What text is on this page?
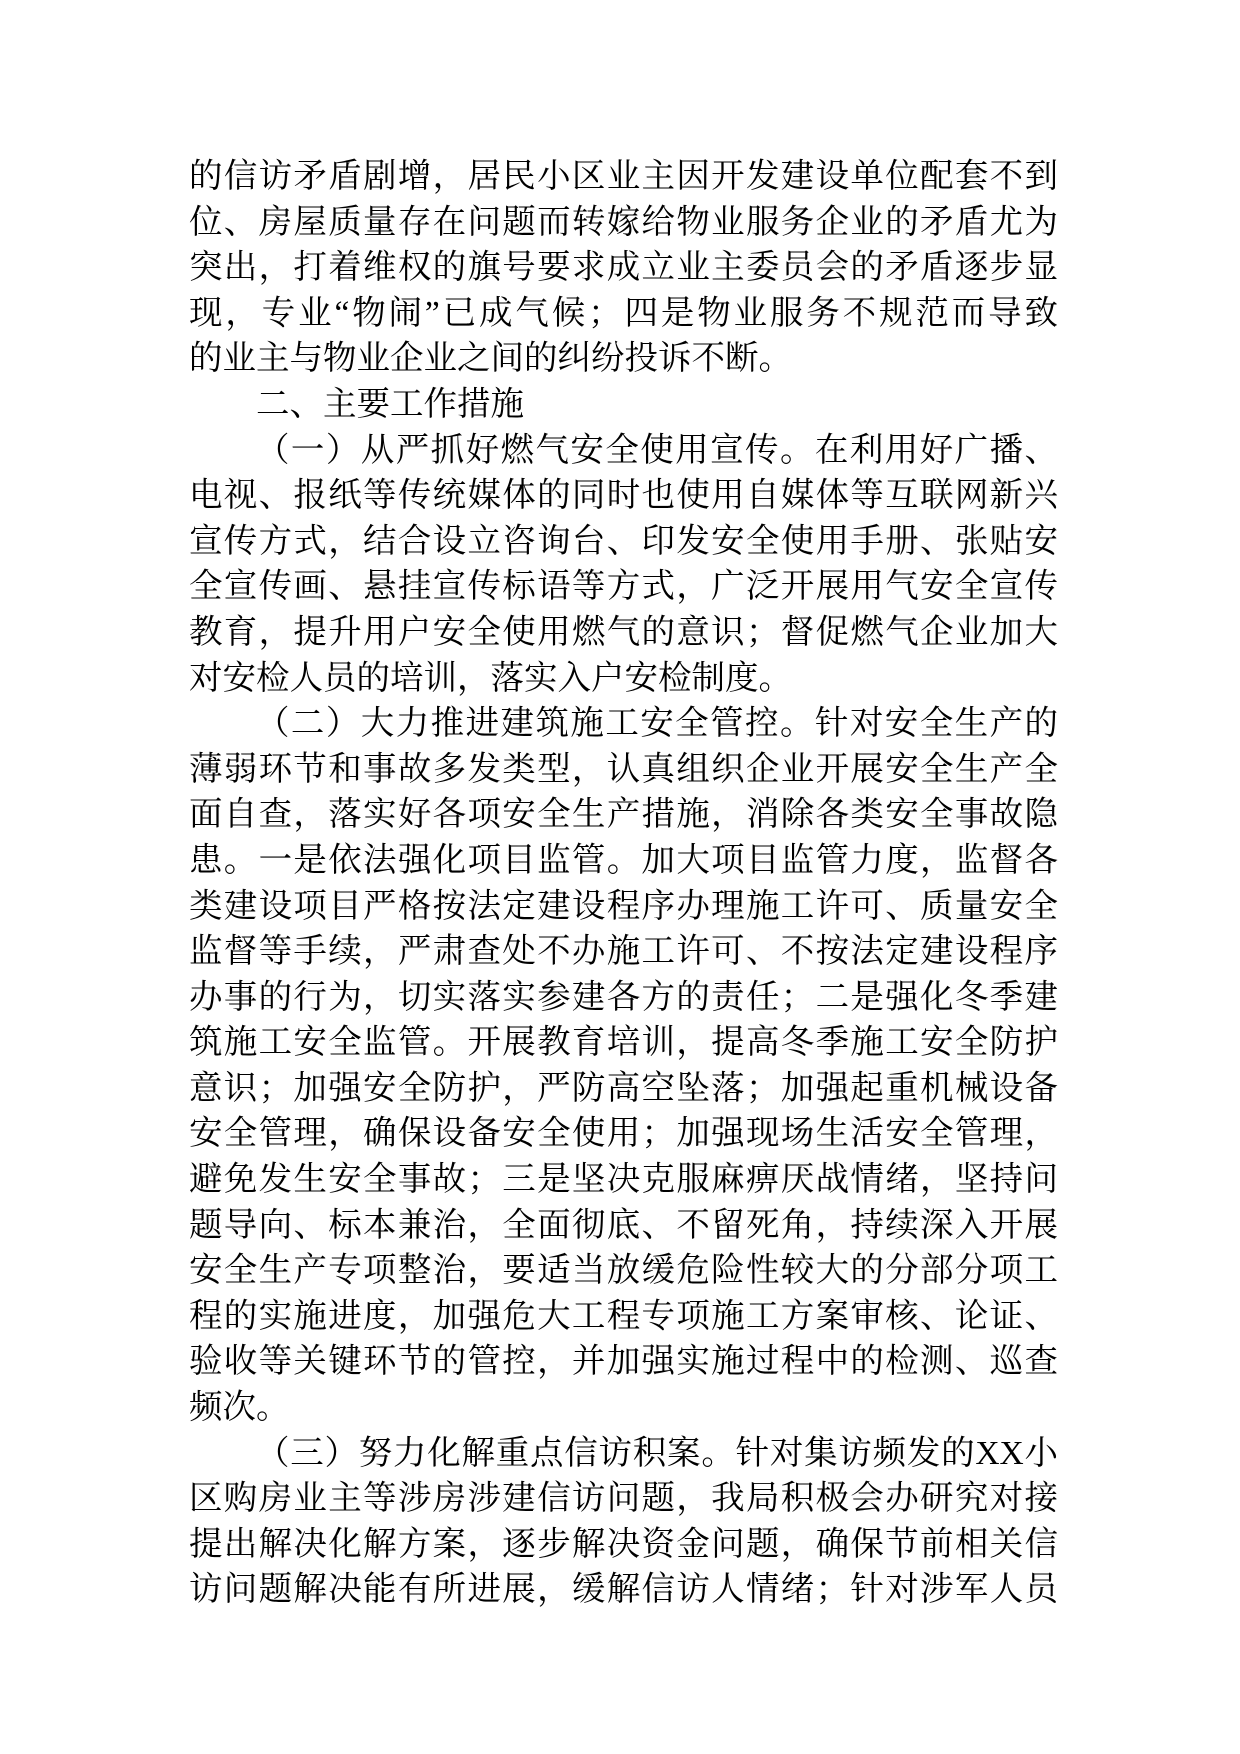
的信访矛盾剧增，居民小区业主因开发建设单位配套不到
位、房屋质量存在问题而转嫁给物业服务企业的矛盾尤为
突出，打着维权的旗号要求成立业主委员会的矛盾逐步显
现，专业“物闹”已成气候；四是物业服务不规范而导致
的业主与物业企业之间的纠纷投诉不断。
二、主要工作措施
（一）从严抓好燃气安全使用宣传。在利用好广播、
电视、报纸等传统媒体的同时也使用自媒体等互联网新兴
宣传方式，结合设立咨询台、印发安全使用手册、张贴安
全宣传画、悬挂宣传标语等方式，广泛开展用气安全宣传
教育，提升用户安全使用燃气的意识；督促燃气企业加大
对安检人员的培训，落实入户安检制度。
（二）大力推进建筑施工安全管控。针对安全生产的
薄弱环节和事故多发类型，认真组织企业开展安全生产全
面自查，落实好各项安全生产措施，消除各类安全事故隐
患。一是依法强化项目监管。加大项目监管力度，监督各
类建设项目严格按法定建设程序办理施工许可、质量安全
监督等手续，严肃查处不办施工许可、不按法定建设程序
办事的行为，切实落实参建各方的责任；二是强化冬季建
筑施工安全监管。开展教育培训，提高冬季施工安全防护
意识；加强安全防护，严防高空坠落；加强起重机械设备
安全管理，确保设备安全使用；加强现场生活安全管理，
避免发生安全事故；三是坚决克服麻痹厌战情绪，坚持问
题导向、标本兼治，全面彻底、不留死角，持续深入开展
安全生产专项整治，要适当放缓危险性较大的分部分项工
程的实施进度，加强危大工程专项施工方案审核、论证、
验收等关键环节的管控，并加强实施过程中的检测、巡查
频次。
（三）努力化解重点信访积案。针对集访频发的XX小
区购房业主等涉房涉建信访问题，我局积极会办研究对接
提出解决化解方案，逐步解决资金问题，确保节前相关信
访问题解决能有所进展，缓解信访人情绪；针对涉军人员
